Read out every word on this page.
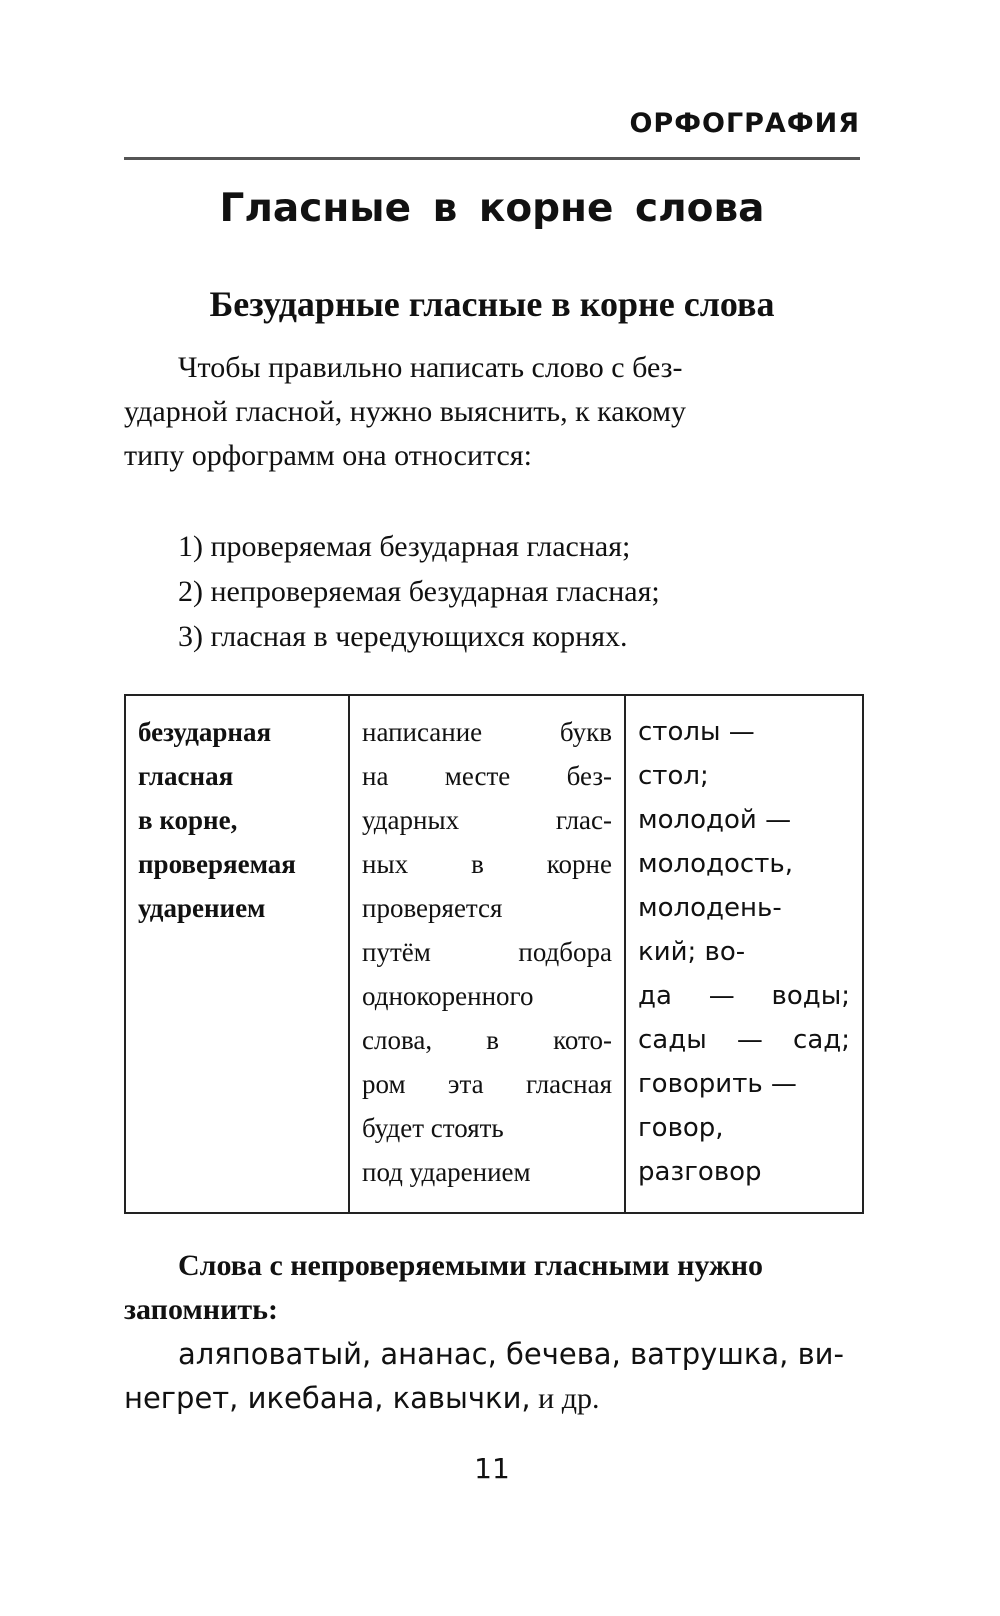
ОРФОГРАФИЯ
Гласные в корне слова
Безударные гласные в корне слова

Чтобы правильно написать слово с без-
ударной гласной, нужно выяснить, к какому
типу орфограмм она относится:

1) проверяемая безударная гласная;
2) непроверяемая безударная гласная;
3) гласная в чередующихся корнях.
безударная
гласная
в корне,
проверяемая
ударением

написание букв
на месте без-
ударных глас-
ных в корне
проверяется
путём подбора
однокоренного
слова, в кото-
ром эта гласная
будет стоять
под ударением

столы —
стол;
молодой —
молодость,
молодень-
кий; во-
да — воды;
сады — сад;
говорить —
говор,
разговор

Слова с непроверяемыми гласными нужно
запомнить:
аляповатый, ананас, бечева, ватрушка, ви-
негрет, икебана, кавычки, и др.

11
